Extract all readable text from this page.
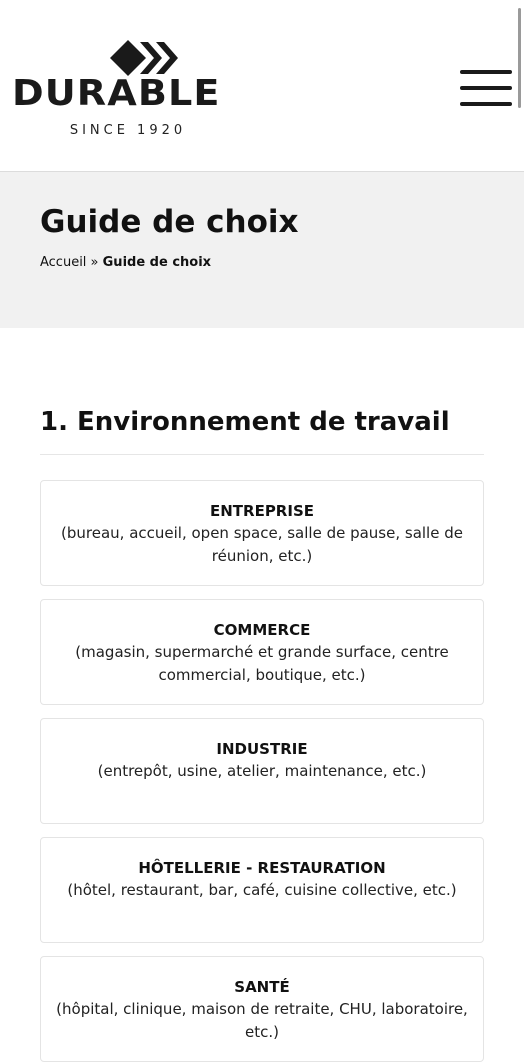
DURABLE
SINCE 1920
Guide de choix
Accueil » Guide de choix
1. Environnement de travail
ENTREPRISE
(bureau, accueil, open space, salle de pause, salle de réunion, etc.)
COMMERCE
(magasin, supermarché et grande surface, centre commercial, boutique, etc.)
INDUSTRIE
(entrepôt, usine, atelier, maintenance, etc.)
HÔTELLERIE - RESTAURATION
(hôtel, restaurant, bar, café, cuisine collective, etc.)
SANTÉ
(hôpital, clinique, maison de retraite, CHU, laboratoire, etc.)
